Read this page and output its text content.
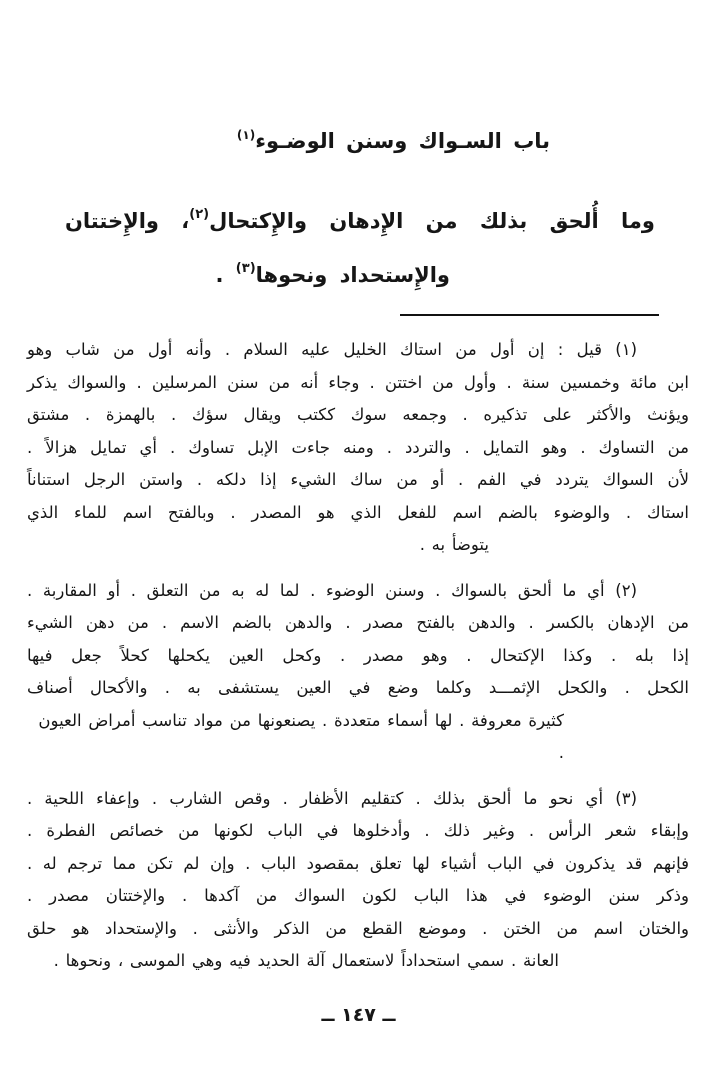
باب السـواك وسنن الوضـوء$^{(١)}$
وما أُلحق بذلك من الإِدهان والإِكتحال$^{(٢)}$، والإِختتان
والإِستحداد ونحوها$^{(٣)}$ .
(١) قيل : إن أول من استاك الخليل عليه السلام . وأنه أول من شاب وهو
ابن مائة وخمسين سنة . وأول من اختتن . وجاء أنه من سنن المرسلين . والسواك يذكر
ويؤنث والأكثر على تذكيره . وجمعه سوك ككتب ويقال سؤك . بالهمزة . مشتق
من التساوك . وهو التمايل . والتردد . ومنه جاءت الإبل تساوك . أي تمايل هزالاً .
لأن السواك يتردد في الفم . أو من ساك الشيء إذا دلكه . واستن الرجل استناناً
استاك . والوضوء بالضم اسم للفعل الذي هو المصدر . وبالفتح اسم للماء الذي
يتوضأ به .
(٢) أي ما ألحق بالسواك . وسنن الوضوء . لما له به من التعلق . أو المقاربة .
من الإدهان بالكسر . والدهن بالفتح مصدر . والدهن بالضم الاسم . من دهن الشيء
إذا بله . وكذا الإكتحال . وهو مصدر . وكحل العين يكحلها كحلاً جعل فيها
الكحل . والكحل الإثمـــد وكلما وضع في العين يستشفى به . والأكحال أصناف
كثيرة معروفة . لها أسماء متعددة . يصنعونها من مواد تناسب أمراض العيون .
(٣) أي نحو ما ألحق بذلك . كتقليم الأظفار . وقص الشارب . وإعفاء اللحية .
وإبقاء شعر الرأس . وغير ذلك . وأدخلوها في الباب لكونها من خصائص الفطرة .
فإنهم قد يذكرون في الباب أشياء لها تعلق بمقصود الباب . وإن لم تكن مما ترجم له .
وذكر سنن الوضوء في هذا الباب لكون السواك من آكدها . والإختتان مصدر .
والختان اسم من الختن . وموضع القطع من الذكر والأنثى . والإستحداد هو حلق
العانة . سمي استحداداً لاستعمال آلة الحديد فيه وهي الموسى ، ونحوها .
ــ ١٤٧ ــ
